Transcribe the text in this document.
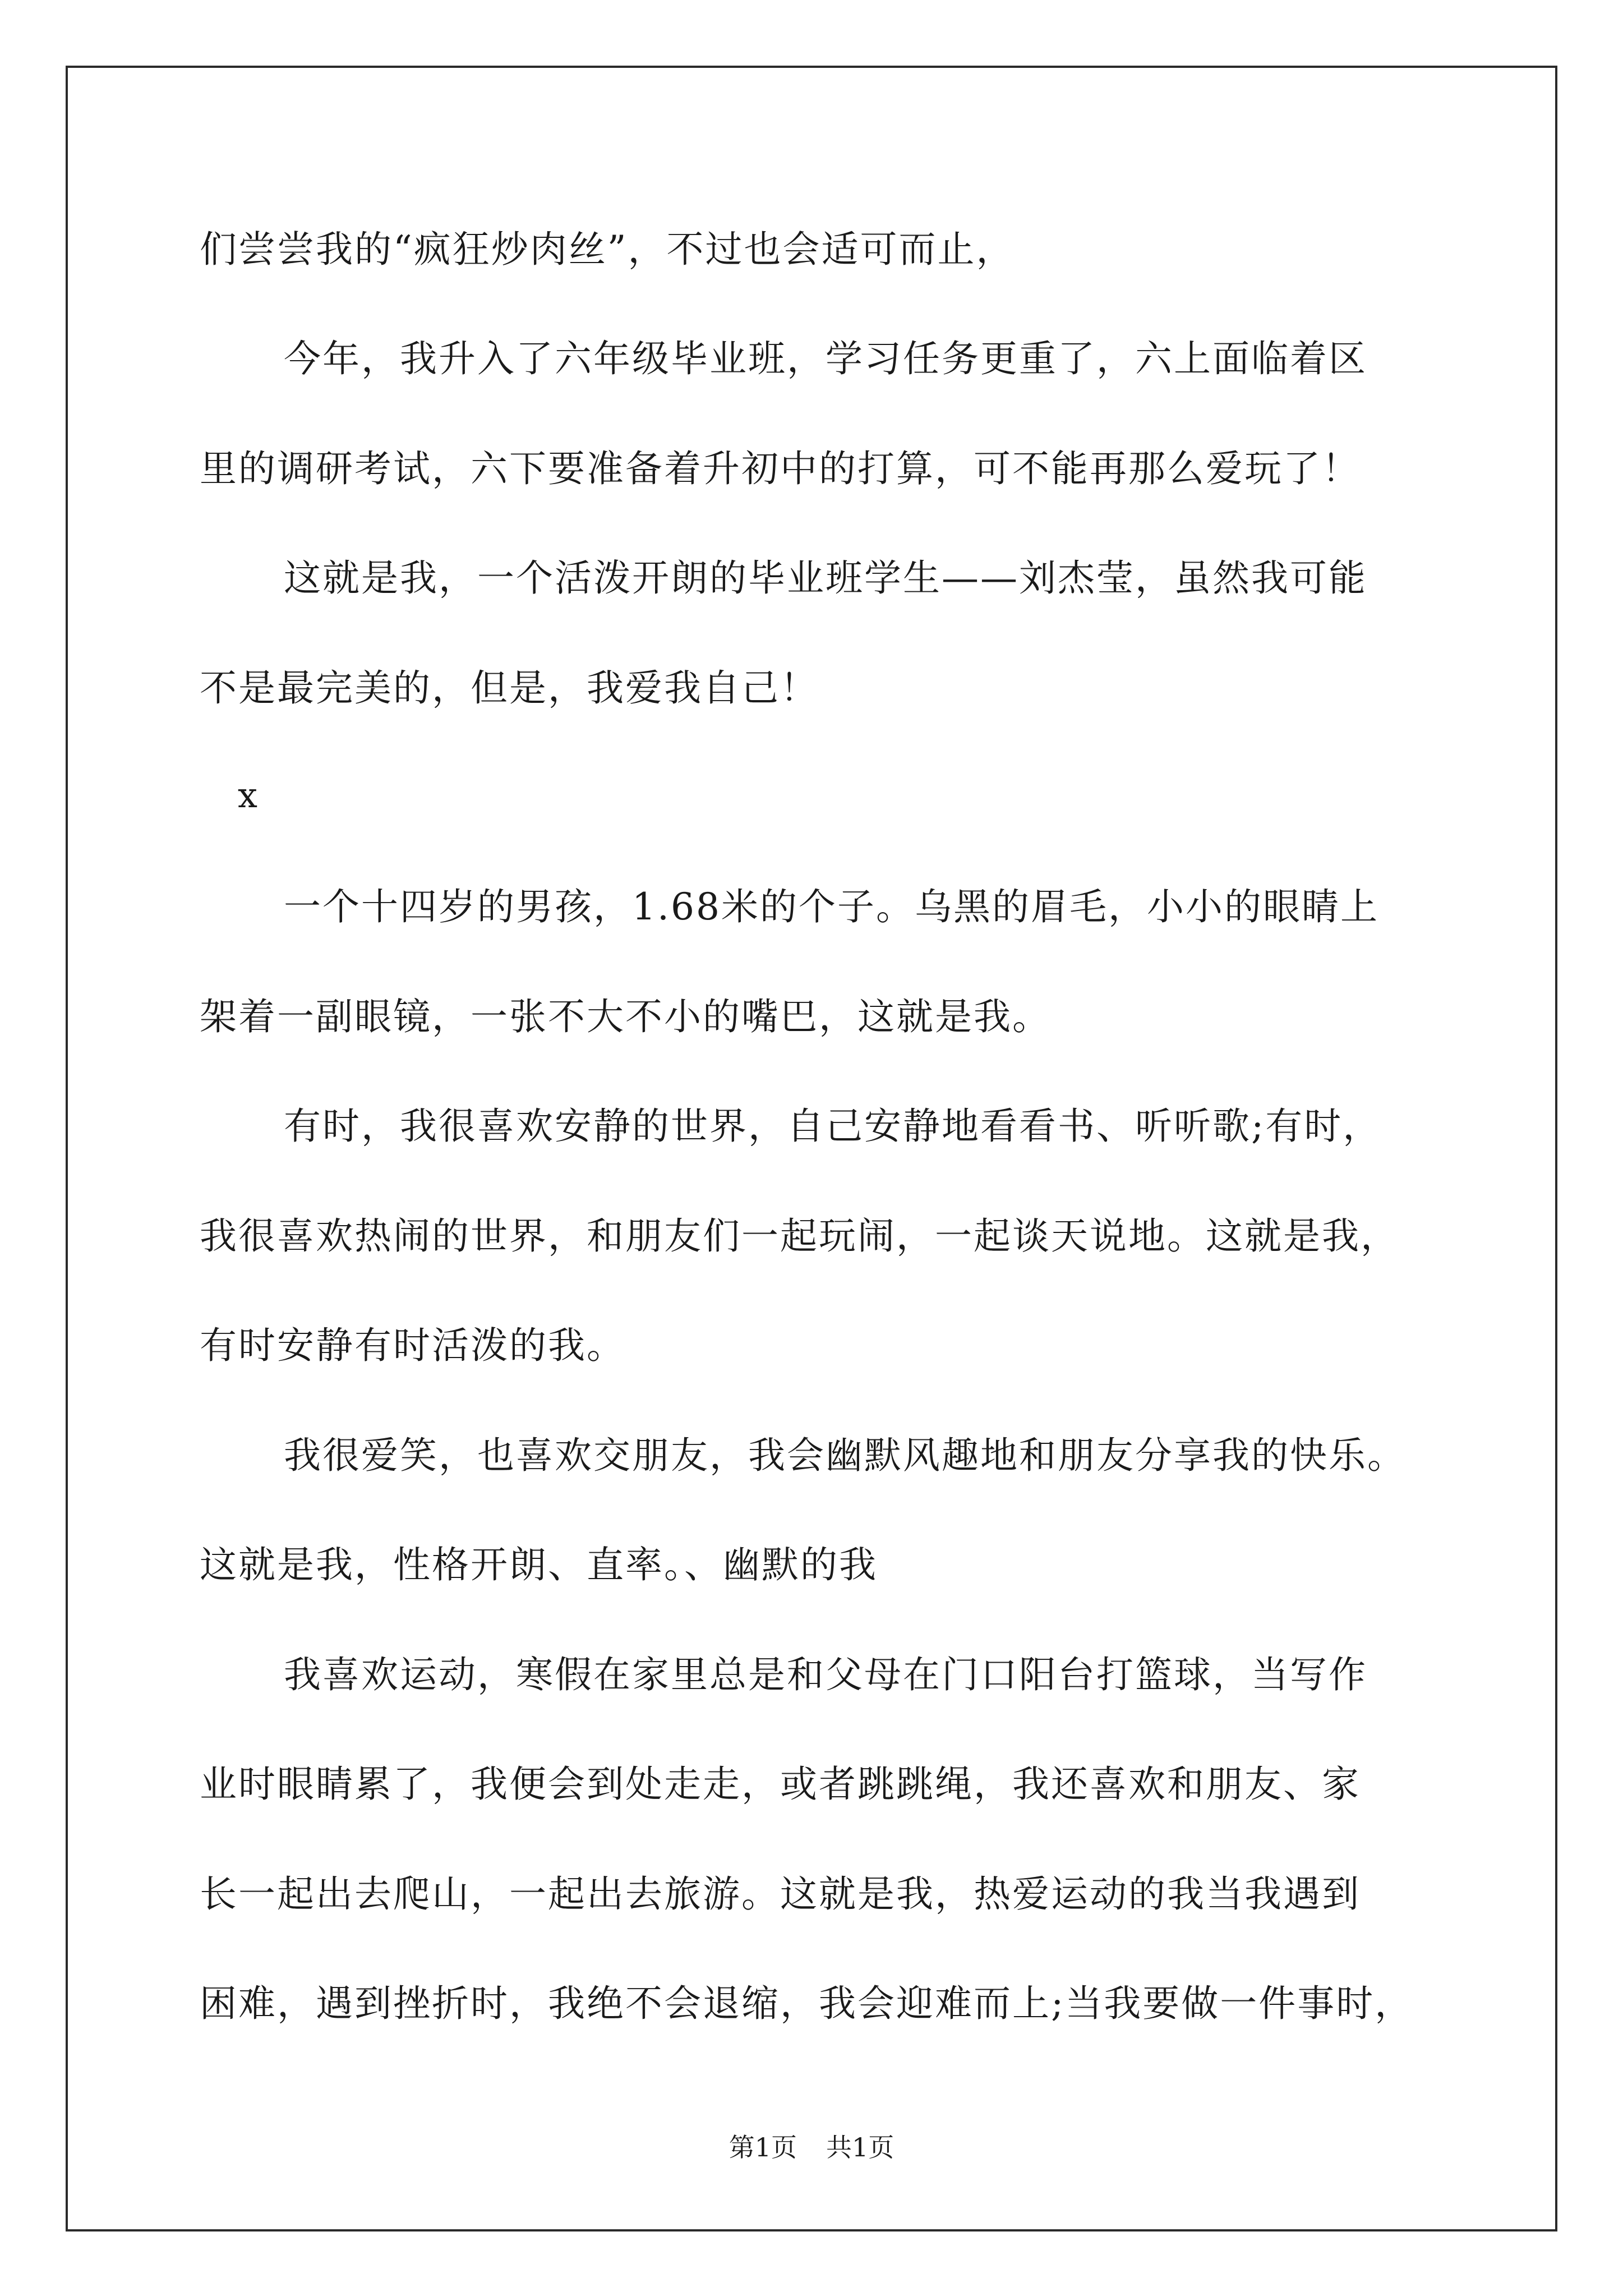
们尝尝我的“疯狂炒肉丝”，不过也会适可而止，
今年，我升入了六年级毕业班，学习任务更重了，六上面临着区
里的调研考试，六下要准备着升初中的打算，可不能再那么爱玩了！
这就是我，一个活泼开朗的毕业班学生——刘杰莹，虽然我可能
不是最完美的，但是，我爱我自己！
x
一个十四岁的男孩，1.68米的个子。乌黑的眉毛，小小的眼睛上
架着一副眼镜，一张不大不小的嘴巴，这就是我。
有时，我很喜欢安静的世界，自己安静地看看书、听听歌;有时，
我很喜欢热闹的世界，和朋友们一起玩闹，一起谈天说地。这就是我，
有时安静有时活泼的我。
我很爱笑，也喜欢交朋友，我会幽默风趣地和朋友分享我的快乐。
这就是我，性格开朗、直率。、幽默的我
我喜欢运动，寒假在家里总是和父母在门口阳台打篮球，当写作
业时眼睛累了，我便会到处走走，或者跳跳绳，我还喜欢和朋友、家
长一起出去爬山，一起出去旅游。这就是我，热爱运动的我当我遇到
困难，遇到挫折时，我绝不会退缩，我会迎难而上;当我要做一件事时，
第1页 共1页
